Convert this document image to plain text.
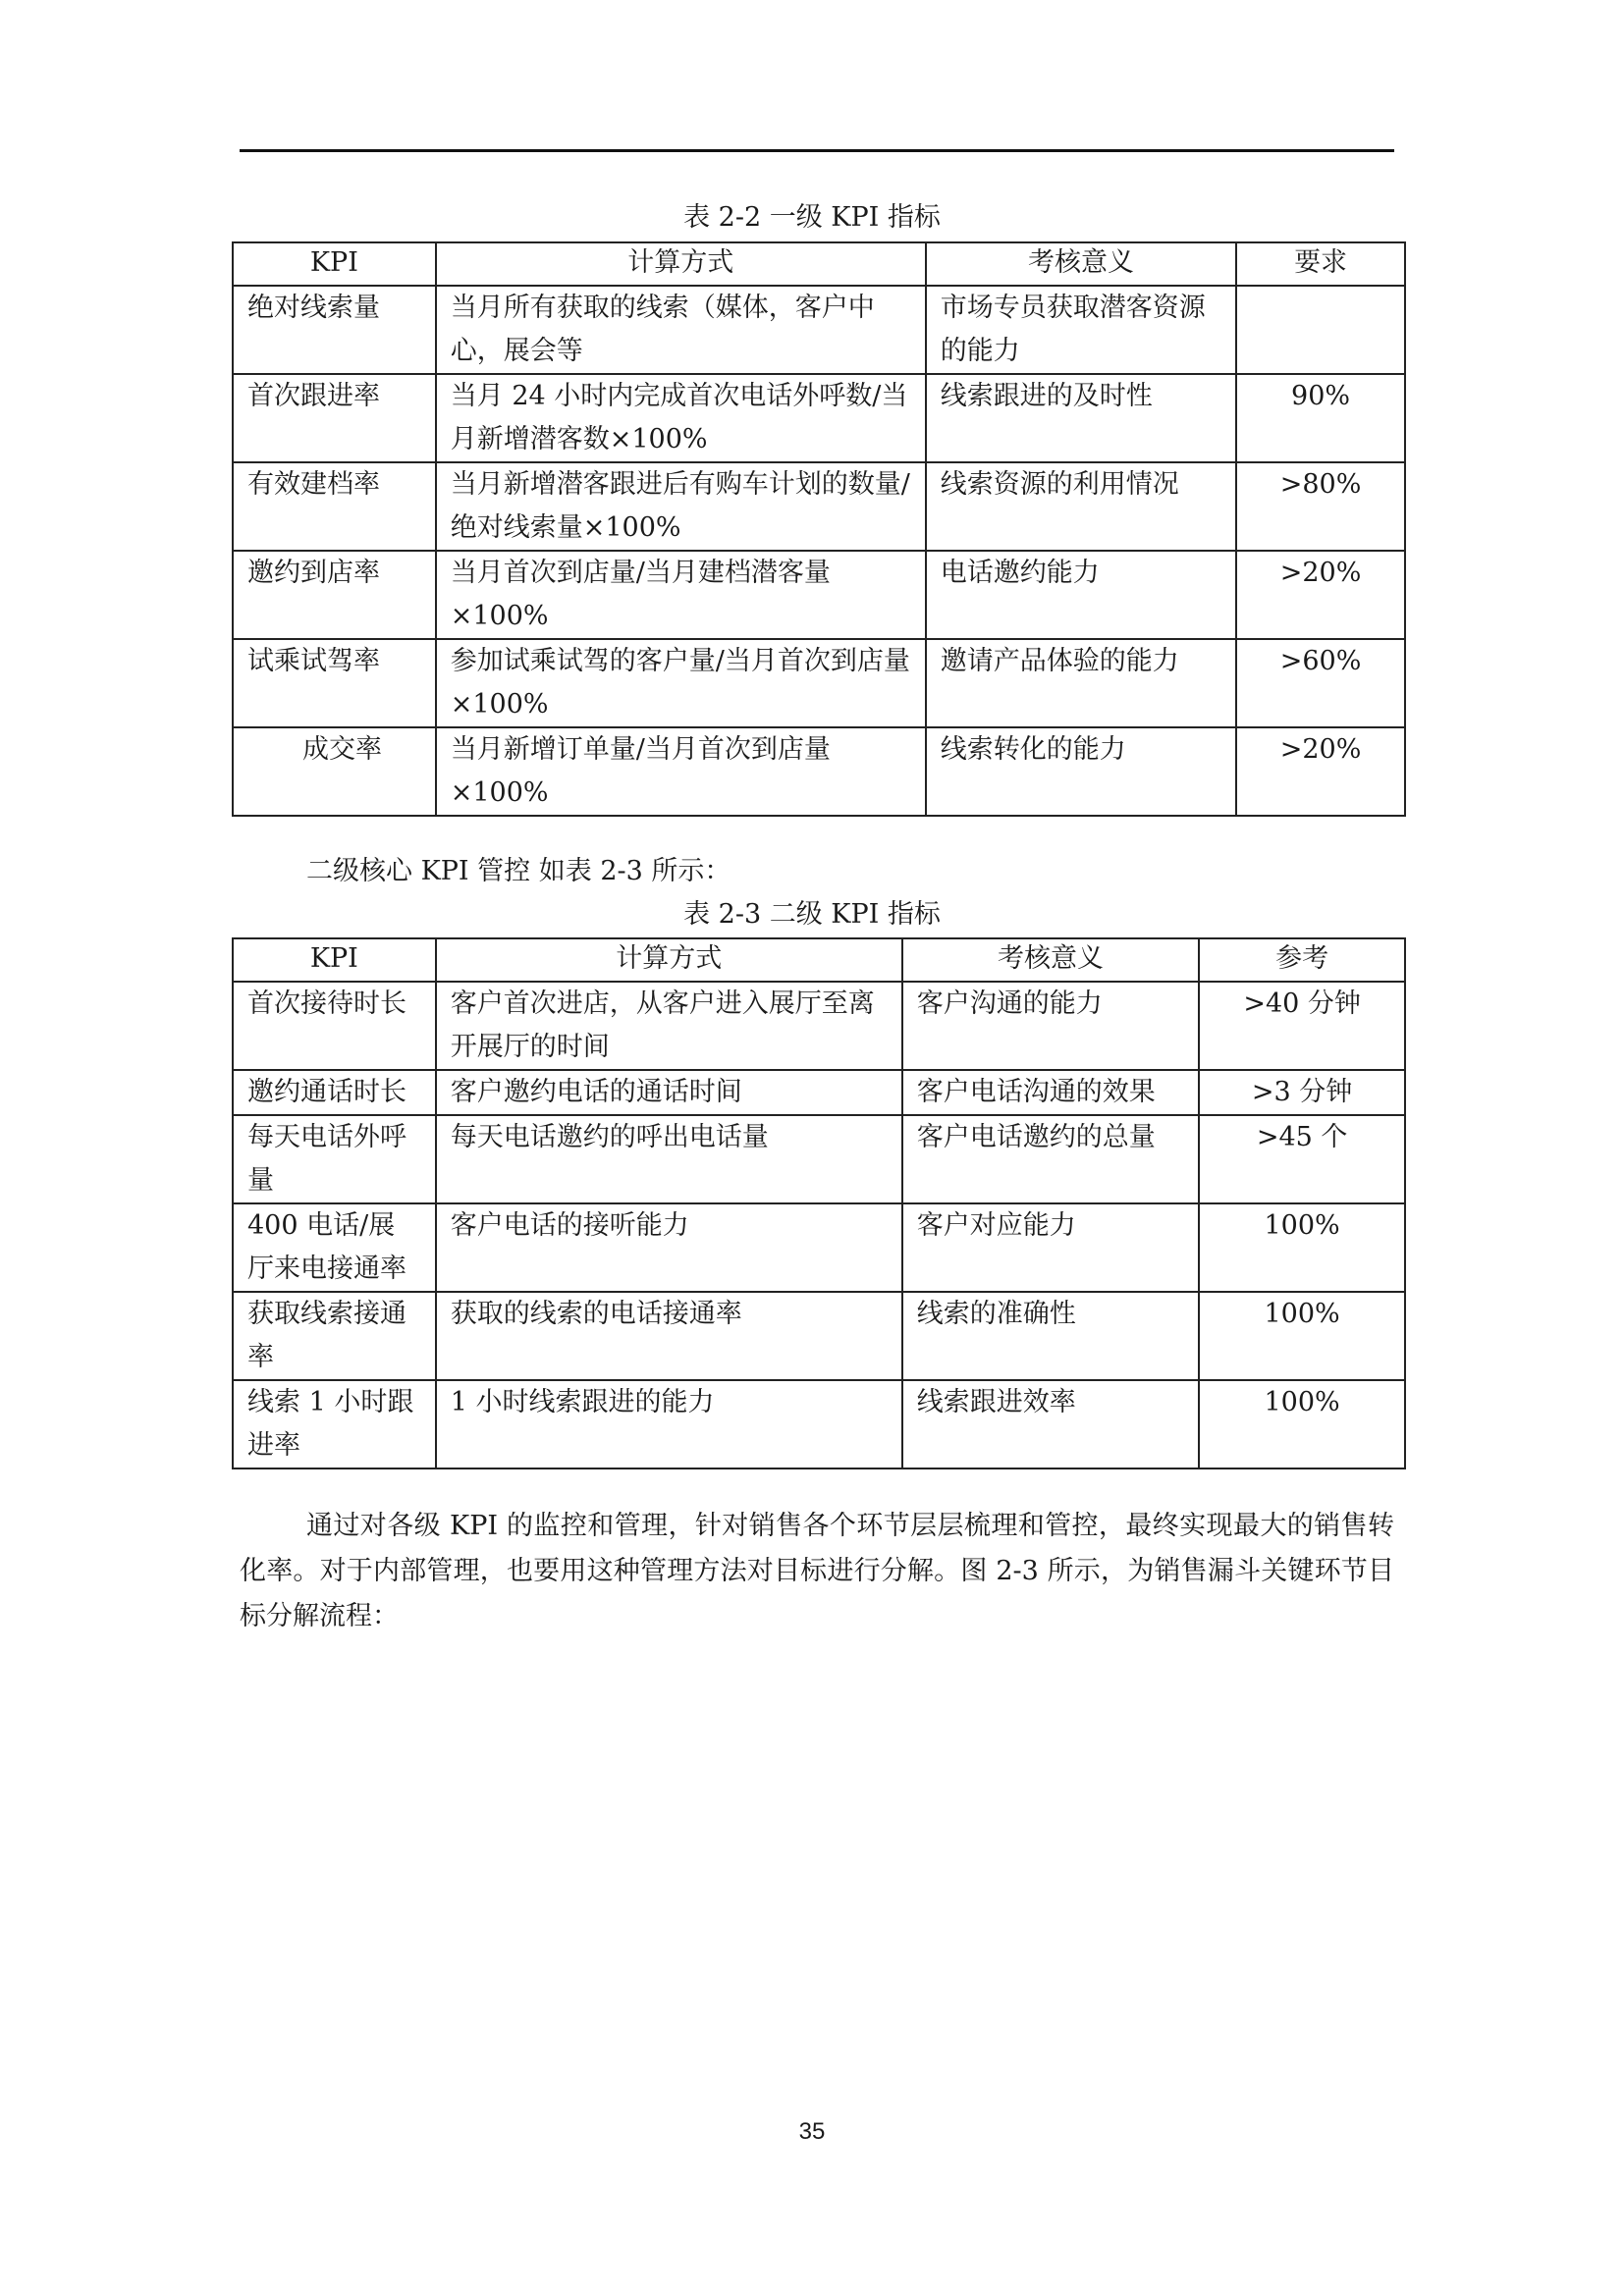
表 2-2 一级 KPI 指标
KPI	计算方式	考核意义	要求
绝对线索量	当月所有获取的线索（媒体，客户中心，展会等	市场专员获取潜客资源的能力	
首次跟进率	当月 24 小时内完成首次电话外呼数/当月新增潜客数×100%	线索跟进的及时性	90%
有效建档率	当月新增潜客跟进后有购车计划的数量/绝对线索量×100%	线索资源的利用情况	>80%
邀约到店率	当月首次到店量/当月建档潜客量×100%	电话邀约能力	>20%
试乘试驾率	参加试乘试驾的客户量/当月首次到店量×100%	邀请产品体验的能力	>60%
成交率	当月新增订单量/当月首次到店量×100%	线索转化的能力	>20%
二级核心 KPI 管控 如表 2-3 所示：
表 2-3 二级 KPI 指标
KPI	计算方式	考核意义	参考
首次接待时长	客户首次进店，从客户进入展厅至离开展厅的时间	客户沟通的能力	>40 分钟
邀约通话时长	客户邀约电话的通话时间	客户电话沟通的效果	>3 分钟
每天电话外呼量	每天电话邀约的呼出电话量	客户电话邀约的总量	>45 个
400 电话/展厅来电接通率	客户电话的接听能力	客户对应能力	100%
获取线索接通率	获取的线索的电话接通率	线索的准确性	100%
线索 1 小时跟进率	1 小时线索跟进的能力	线索跟进效率	100%
通过对各级 KPI 的监控和管理，针对销售各个环节层层梳理和管控，最终实现最大的销售转化率。对于内部管理，也要用这种管理方法对目标进行分解。图 2-3 所示，为销售漏斗关键环节目标分解流程：
35
